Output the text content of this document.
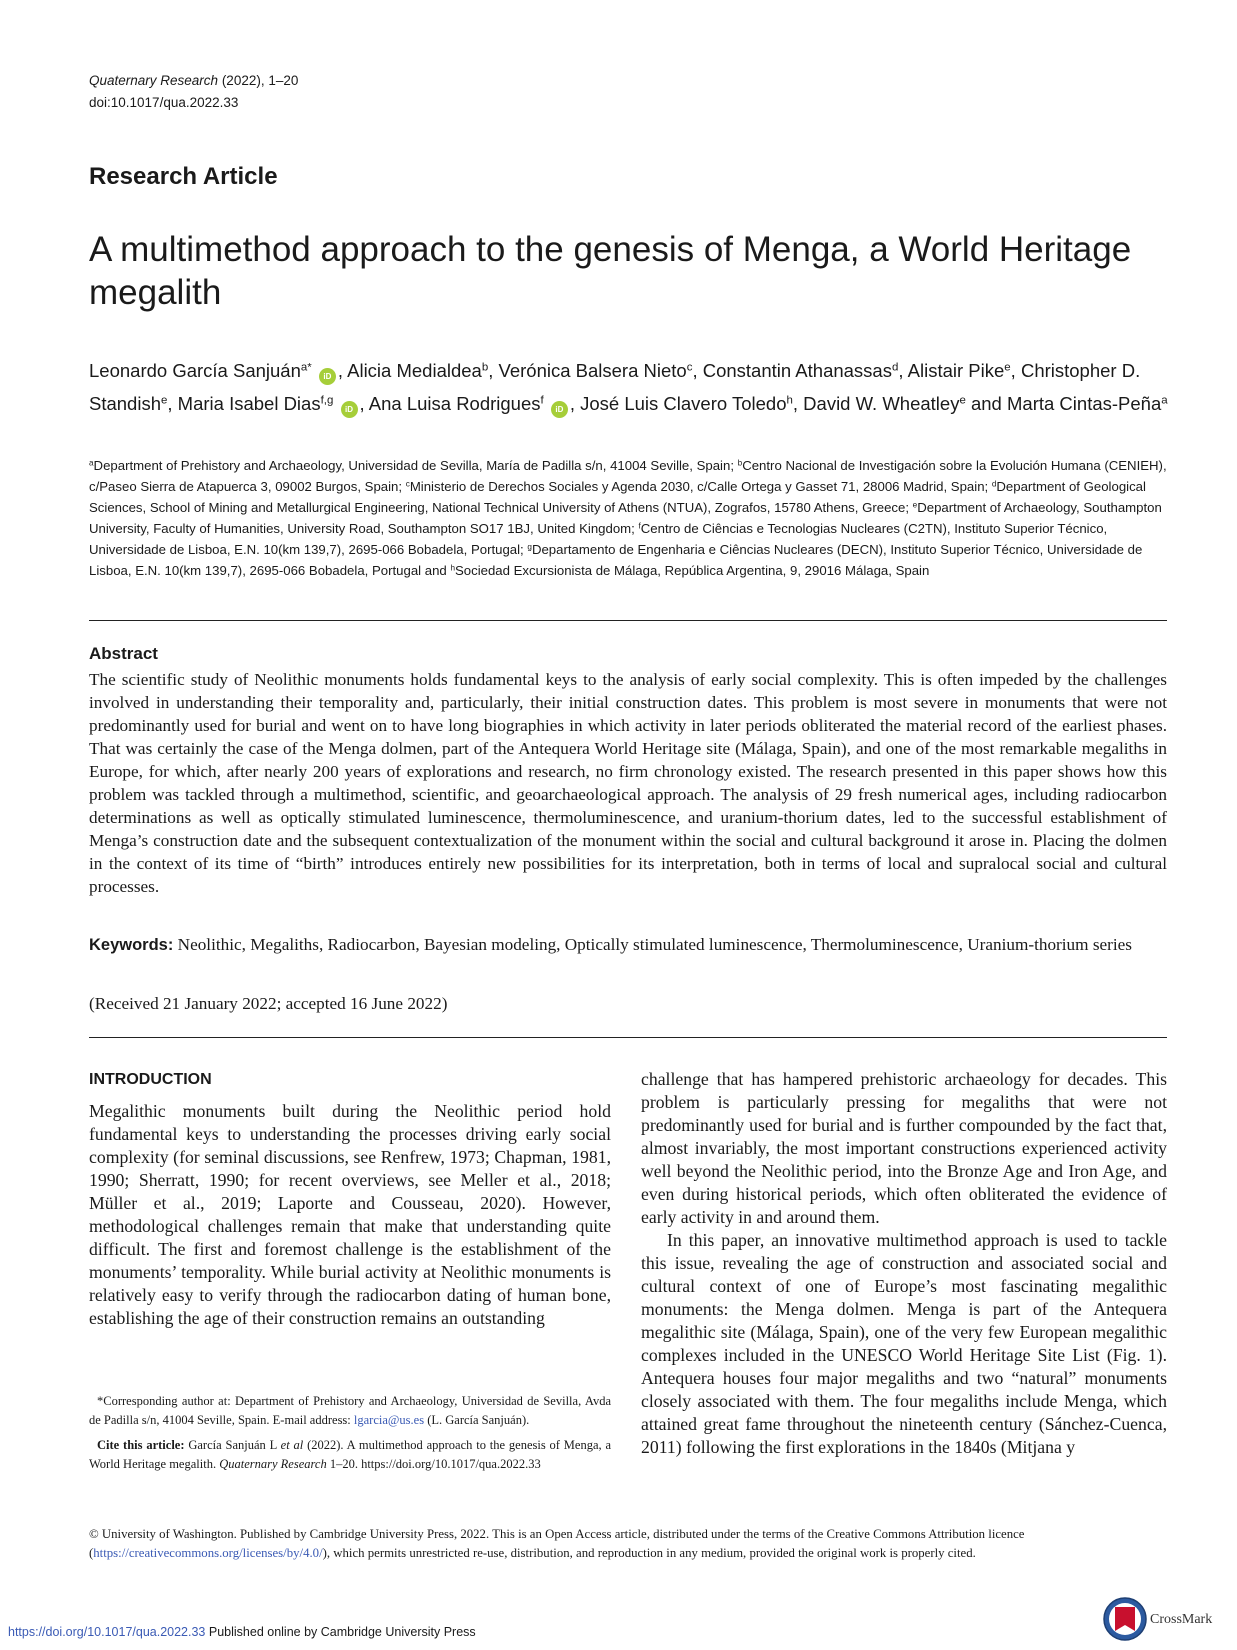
Quaternary Research (2022), 1–20
doi:10.1017/qua.2022.33
Research Article
A multimethod approach to the genesis of Menga, a World Heritage megalith
Leonardo García Sanjuán$^{a*}$ iD , Alicia Medialdea$^b$, Verónica Balsera Nieto$^c$, Constantin Athanassas$^d$, Alistair Pike$^e$, Christopher D. Standish$^e$, Maria Isabel Dias$^{f,g}$ iD , Ana Luisa Rodrigues$^f$ iD , José Luis Clavero Toledo$^h$, David W. Wheatley$^e$ and Marta Cintas-Peña$^a$
$^a$Department of Prehistory and Archaeology, Universidad de Sevilla, María de Padilla s/n, 41004 Seville, Spain; $^b$Centro Nacional de Investigación sobre la Evolución Humana (CENIEH), c/Paseo Sierra de Atapuerca 3, 09002 Burgos, Spain; $^c$Ministerio de Derechos Sociales y Agenda 2030, c/Calle Ortega y Gasset 71, 28006 Madrid, Spain; $^d$Department of Geological Sciences, School of Mining and Metallurgical Engineering, National Technical University of Athens (NTUA), Zografos, 15780 Athens, Greece; $^e$Department of Archaeology, Southampton University, Faculty of Humanities, University Road, Southampton SO17 1BJ, United Kingdom; $^f$Centro de Ciências e Tecnologias Nucleares (C2TN), Instituto Superior Técnico, Universidade de Lisboa, E.N. 10(km 139,7), 2695-066 Bobadela, Portugal; $^g$Departamento de Engenharia e Ciências Nucleares (DECN), Instituto Superior Técnico, Universidade de Lisboa, E.N. 10(km 139,7), 2695-066 Bobadela, Portugal and $^h$Sociedad Excursionista de Málaga, República Argentina, 9, 29016 Málaga, Spain
Abstract
The scientific study of Neolithic monuments holds fundamental keys to the analysis of early social complexity. This is often impeded by the challenges involved in understanding their temporality and, particularly, their initial construction dates. This problem is most severe in monuments that were not predominantly used for burial and went on to have long biographies in which activity in later periods obliterated the material record of the earliest phases. That was certainly the case of the Menga dolmen, part of the Antequera World Heritage site (Málaga, Spain), and one of the most remarkable megaliths in Europe, for which, after nearly 200 years of explorations and research, no firm chronology existed. The research presented in this paper shows how this problem was tackled through a multimethod, scientific, and geoarchaeological approach. The analysis of 29 fresh numerical ages, including radiocarbon determinations as well as optically stimulated luminescence, thermoluminescence, and uranium-thorium dates, led to the successful establishment of Menga’s construction date and the subsequent contextualization of the monument within the social and cultural background it arose in. Placing the dolmen in the context of its time of “birth” introduces entirely new possibilities for its interpretation, both in terms of local and supralocal social and cultural processes.
Keywords: Neolithic, Megaliths, Radiocarbon, Bayesian modeling, Optically stimulated luminescence, Thermoluminescence, Uranium-thorium series
(Received 21 January 2022; accepted 16 June 2022)
INTRODUCTION
Megalithic monuments built during the Neolithic period hold fundamental keys to understanding the processes driving early social complexity (for seminal discussions, see Renfrew, 1973; Chapman, 1981, 1990; Sherratt, 1990; for recent overviews, see Meller et al., 2018; Müller et al., 2019; Laporte and Cousseau, 2020). However, methodological challenges remain that make that understanding quite difficult. The first and foremost challenge is the establishment of the monuments’ temporality. While burial activity at Neolithic monuments is relatively easy to verify through the radiocarbon dating of human bone, establishing the age of their construction remains an outstanding

challenge that has hampered prehistoric archaeology for decades. This problem is particularly pressing for megaliths that were not predominantly used for burial and is further compounded by the fact that, almost invariably, the most important constructions experienced activity well beyond the Neolithic period, into the Bronze Age and Iron Age, and even during historical periods, which often obliterated the evidence of early activity in and around them.

In this paper, an innovative multimethod approach is used to tackle this issue, revealing the age of construction and associated social and cultural context of one of Europe’s most fascinating megalithic monuments: the Menga dolmen. Menga is part of the Antequera megalithic site (Málaga, Spain), one of the very few European megalithic complexes included in the UNESCO World Heritage Site List (Fig. 1). Antequera houses four major megaliths and two “natural” monuments closely associated with them. The four megaliths include Menga, which attained great fame throughout the nineteenth century (Sánchez-Cuenca, 2011) following the first explorations in the 1840s (Mitjana y

*Corresponding author at: Department of Prehistory and Archaeology, Universidad de Sevilla, Avda de Padilla s/n, 41004 Seville, Spain. E-mail address: lgarcia@us.es (L. García Sanjuán).

Cite this article: García Sanjuán L et al (2022). A multimethod approach to the genesis of Menga, a World Heritage megalith. Quaternary Research 1–20. https://doi.org/10.1017/qua.2022.33

© University of Washington. Published by Cambridge University Press, 2022. This is an Open Access article, distributed under the terms of the Creative Commons Attribution licence (https://creativecommons.org/licenses/by/4.0/), which permits unrestricted re-use, distribution, and reproduction in any medium, provided the original work is properly cited.
https://doi.org/10.1017/qua.2022.33 Published online by Cambridge University Press
CrossMark
